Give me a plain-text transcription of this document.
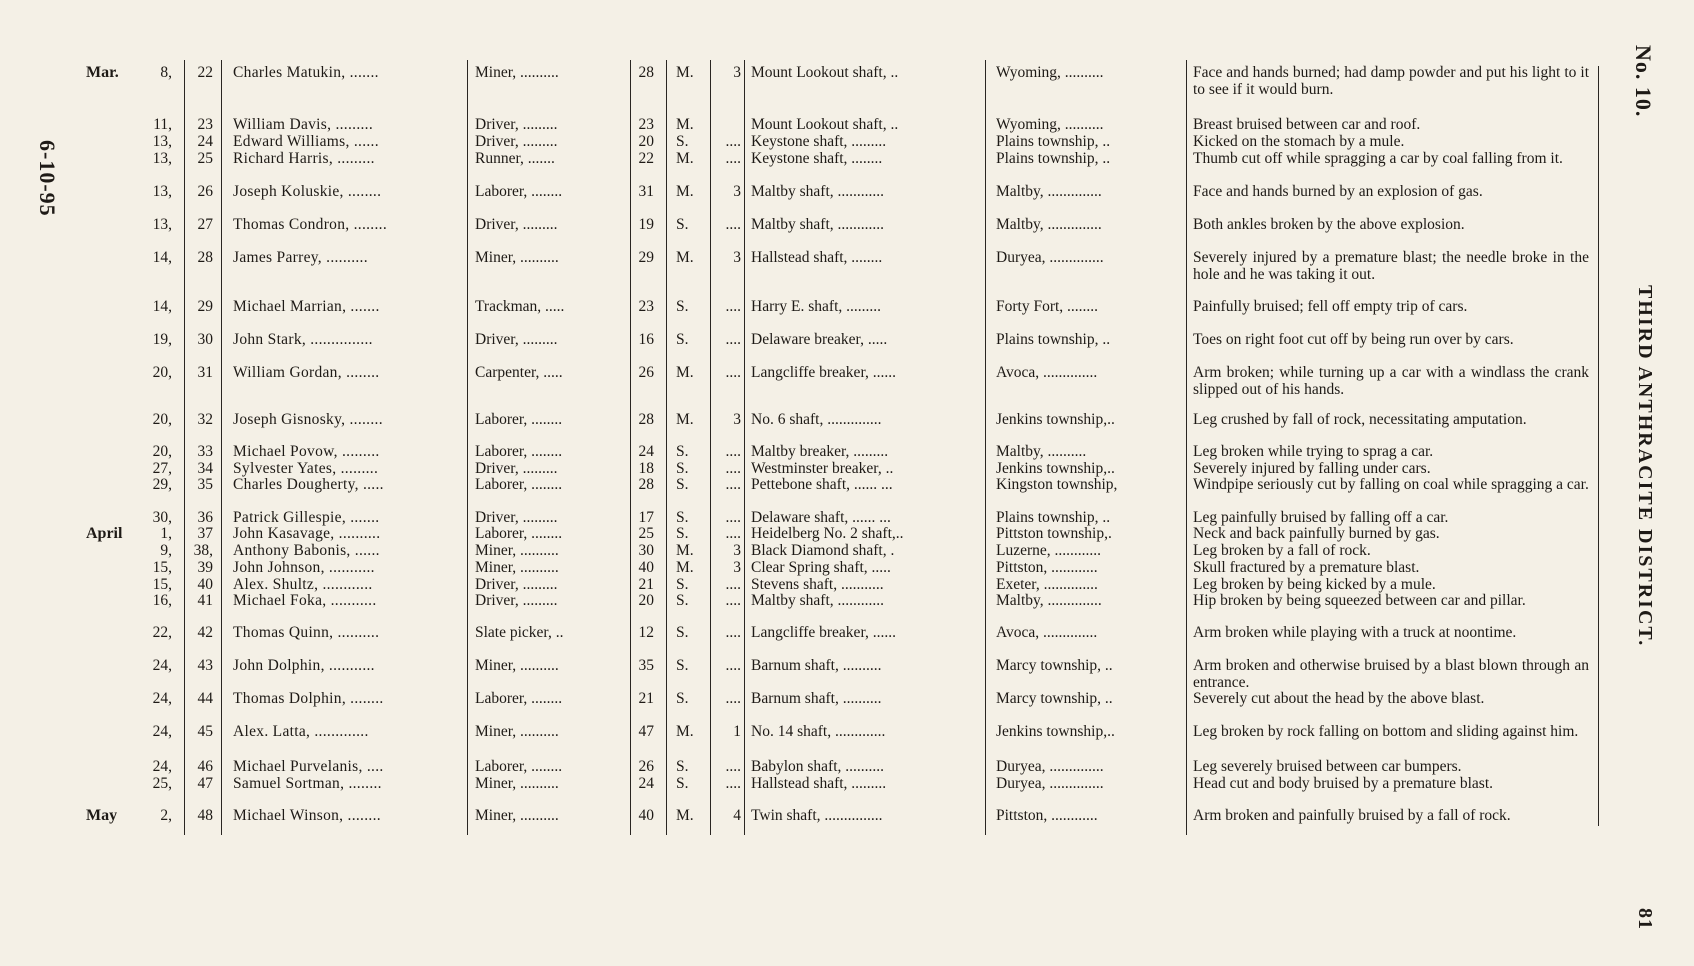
6-10-95
No. 10.
THIRD ANTHRACITE DISTRICT.
81
Mar.	8,	22 Charles Matukin, .......	Miner, ..........	28 M.	3 Mount Lookout shaft, ..	Wyoming, ..........	Face and hands burned; had damp powder and put his light to it to see if it would burn.
11,	23 William Davis, .........	Driver, .........	23 M.	Mount Lookout shaft, ..	Wyoming, ..........	Breast bruised between car and roof.
13,	24 Edward Williams, ......	Driver, .........	20 S.	.... Keystone shaft, .........	Plains township, ..	Kicked on the stomach by a mule.
13,	25 Richard Harris, .........	Runner, .......	22 M.	.... Keystone shaft, ........	Plains township, ..	Thumb cut off while spragging a car by coal falling from it.
13,	26 Joseph Koluskie, ........	Laborer, ........	31 M.	3 Maltby shaft, ............	Maltby, ..............	Face and hands burned by an explosion of gas.
13,	27 Thomas Condron, ........	Driver, .........	19 S.	.... Maltby shaft, ............	Maltby, ..............	Both ankles broken by the above explosion.
14,	28 James Parrey, ..........	Miner, ..........	29 M.	3 Hallstead shaft, ........	Duryea, ..............	Severely injured by a premature blast; the needle broke in the hole and he was taking it out.
14,	29 Michael Marrian, .......	Trackman, .....	23 S.	.... Harry E. shaft, .........	Forty Fort, ........	Painfully bruised; fell off empty trip of cars.
19,	30 John Stark, ...............	Driver, .........	16 S.	.... Delaware breaker, .....	Plains township, ..	Toes on right foot cut off by being run over by cars.
20,	31 William Gordan, ........	Carpenter, .....	26 M.	.... Langcliffe breaker, ......	Avoca, ..............	Arm broken; while turning up a car with a windlass the crank slipped out of his hands.
20,	32 Joseph Gisnosky, ........	Laborer, ........	28 M.	3 No. 6 shaft, ..............	Jenkins township,..	Leg crushed by fall of rock, necessitating amputation.
20,	33 Michael Povow, .........	Laborer, ........	24 S.	.... Maltby breaker, .........	Maltby, ..........	Leg broken while trying to sprag a car.
27,	34 Sylvester Yates, .........	Driver, .........	18 S.	.... Westminster breaker, ..	Jenkins township,..	Severely injured by falling under cars.
29,	35 Charles Dougherty, .....	Laborer, ........	28 S.	.... Pettebone shaft, ...... ...	Kingston township,	Windpipe seriously cut by falling on coal while spragging a car.
30,	36 Patrick Gillespie, .......	Driver, .........	17 S.	.... Delaware shaft, ...... ...	Plains township, ..	Leg painfully bruised by falling off a car.
April	1,	37 John Kasavage, ..........	Laborer, ........	25 S.	.... Heidelberg No. 2 shaft,..	Pittston township,.	Neck and back painfully burned by gas.
9,	38, Anthony Babonis, ......	Miner, ..........	30 M.	3 Black Diamond shaft, .	Luzerne, ............	Leg broken by a fall of rock.
15,	39 John Johnson, ...........	Miner, ..........	40 M.	3 Clear Spring shaft, .....	Pittston, ............	Skull fractured by a premature blast.
15,	40 Alex. Shultz, ............	Driver, .........	21 S.	.... Stevens shaft, ...........	Exeter, ..............	Leg broken by being kicked by a mule.
16,	41 Michael Foka, ...........	Driver, .........	20 S.	.... Maltby shaft, ............	Maltby, ..............	Hip broken by being squeezed between car and pillar.
22,	42 Thomas Quinn, ..........	Slate picker, ..	12 S.	.... Langcliffe breaker, ......	Avoca, ..............	Arm broken while playing with a truck at noontime.
24,	43 John Dolphin, ...........	Miner, ..........	35 S.	.... Barnum shaft, ..........	Marcy township, ..	Arm broken and otherwise bruised by a blast blown through an entrance.
24,	44 Thomas Dolphin, ........	Laborer, ........	21 S.	.... Barnum shaft, ..........	Marcy township, ..	Severely cut about the head by the above blast.
24,	45 Alex. Latta, .............	Miner, ..........	47 M.	1 No. 14 shaft, .............	Jenkins township,..	Leg broken by rock falling on bottom and sliding against him.
24,	46 Michael Purvelanis, ....	Laborer, ........	26 S.	.... Babylon shaft, ..........	Duryea, ..............	Leg severely bruised between car bumpers.
25,	47 Samuel Sortman, ........	Miner, ..........	24 S.	.... Hallstead shaft, .........	Duryea, ..............	Head cut and body bruised by a premature blast.
May	2,	48 Michael Winson, ........	Miner, ..........	40 M.	4 Twin shaft, ...............	Pittston, ............	Arm broken and painfully bruised by a fall of rock.
